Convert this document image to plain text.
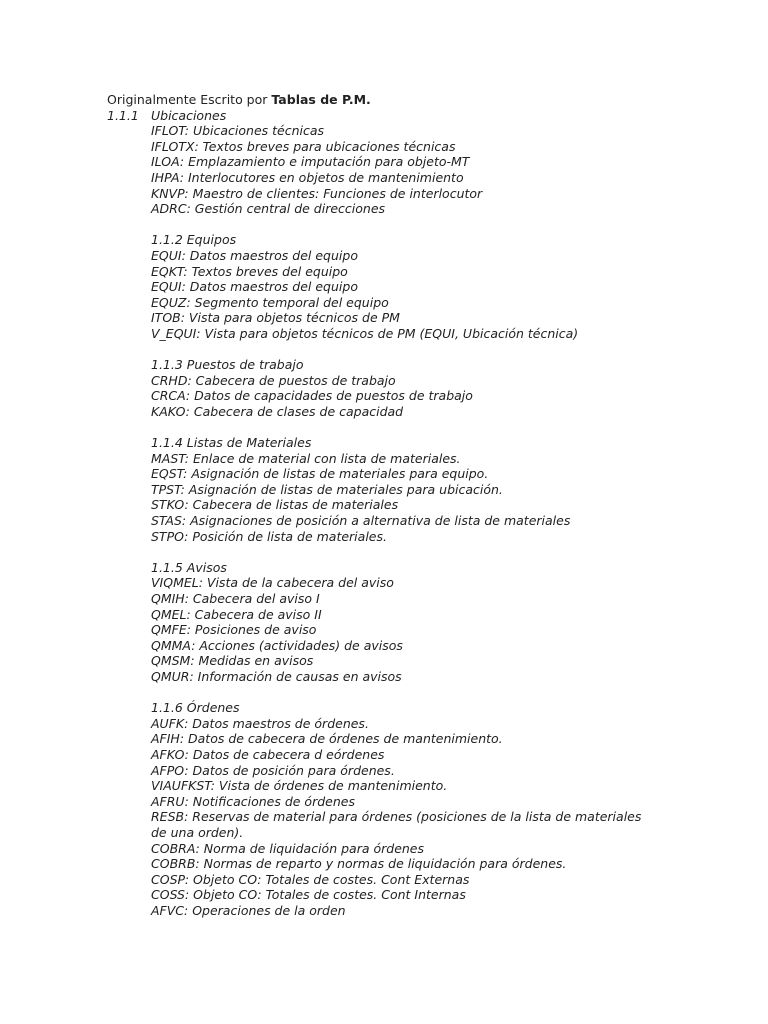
Originalmente Escrito por Tablas de P.M.
1.1.1 Ubicaciones
IFLOT: Ubicaciones técnicas
IFLOTX: Textos breves para ubicaciones técnicas
ILOA: Emplazamiento e imputación para objeto-MT
IHPA: Interlocutores en objetos de mantenimiento
KNVP: Maestro de clientes: Funciones de interlocutor
ADRC: Gestión central de direcciones
1.1.2 Equipos
EQUI: Datos maestros del equipo
EQKT: Textos breves del equipo
EQUI: Datos maestros del equipo
EQUZ: Segmento temporal del equipo
ITOB: Vista para objetos técnicos de PM
V_EQUI: Vista para objetos técnicos de PM (EQUI, Ubicación técnica)
1.1.3 Puestos de trabajo
CRHD: Cabecera de puestos de trabajo
CRCA: Datos de capacidades de puestos de trabajo
KAKO: Cabecera de clases de capacidad
1.1.4 Listas de Materiales
MAST: Enlace de material con lista de materiales.
EQST: Asignación de listas de materiales para equipo.
TPST: Asignación de listas de materiales para ubicación.
STKO: Cabecera de listas de materiales
STAS: Asignaciones de posición a alternativa de lista de materiales
STPO: Posición de lista de materiales.
1.1.5 Avisos
VIQMEL: Vista de la cabecera del aviso
QMIH: Cabecera del aviso I
QMEL: Cabecera de aviso II
QMFE: Posiciones de aviso
QMMA: Acciones (actividades) de avisos
QMSM: Medidas en avisos
QMUR: Información de causas en avisos
1.1.6 Órdenes
AUFK: Datos maestros de órdenes.
AFIH: Datos de cabecera de órdenes de mantenimiento.
AFKO: Datos de cabecera d eórdenes
AFPO: Datos de posición para órdenes.
VIAUFKST: Vista de órdenes de mantenimiento.
AFRU: Notificaciones de órdenes
RESB: Reservas de material para órdenes (posiciones de la lista de materiales de una orden).
COBRA: Norma de liquidación para órdenes
COBRB: Normas de reparto y normas de liquidación para órdenes.
COSP: Objeto CO: Totales de costes. Cont Externas
COSS: Objeto CO: Totales de costes. Cont Internas
AFVC: Operaciones de la orden
